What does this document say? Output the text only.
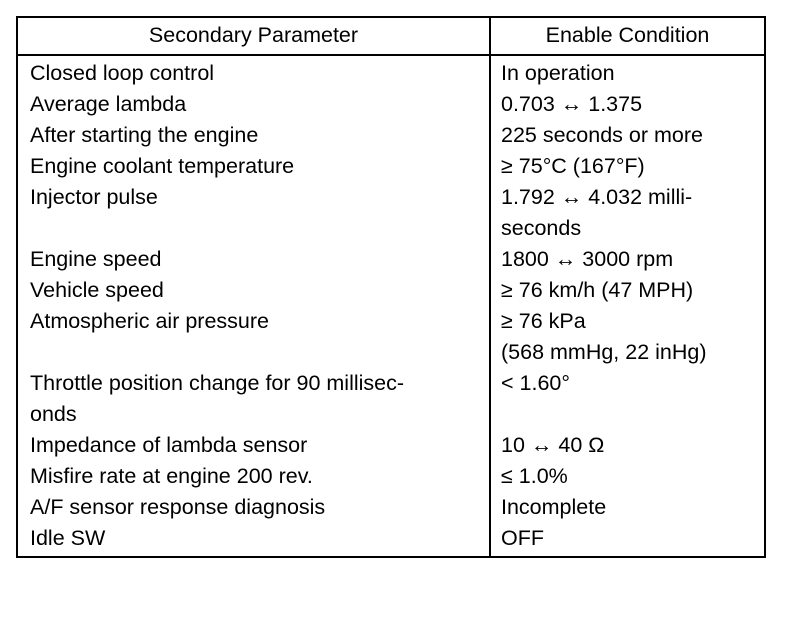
Secondary Parameter	Enable Condition

Closed loop control	In operation

Average lambda	0.703 ↔ 1.375

After starting the engine	225 seconds or more

Engine coolant temperature	≥ 75°C (167°F)

Injector pulse	1.792 ↔ 4.032 milli-
seconds

Engine speed	1800 ↔ 3000 rpm

Vehicle speed	≥ 76 km/h (47 MPH)

Atmospheric air pressure	≥ 76 kPa
(568 mmHg, 22 inHg)

Throttle position change for 90 millisec-
onds	< 1.60°

Impedance of lambda sensor	10 ↔ 40 Ω

Misfire rate at engine 200 rev.	≤ 1.0%

A/F sensor response diagnosis	Incomplete

Idle SW	OFF
